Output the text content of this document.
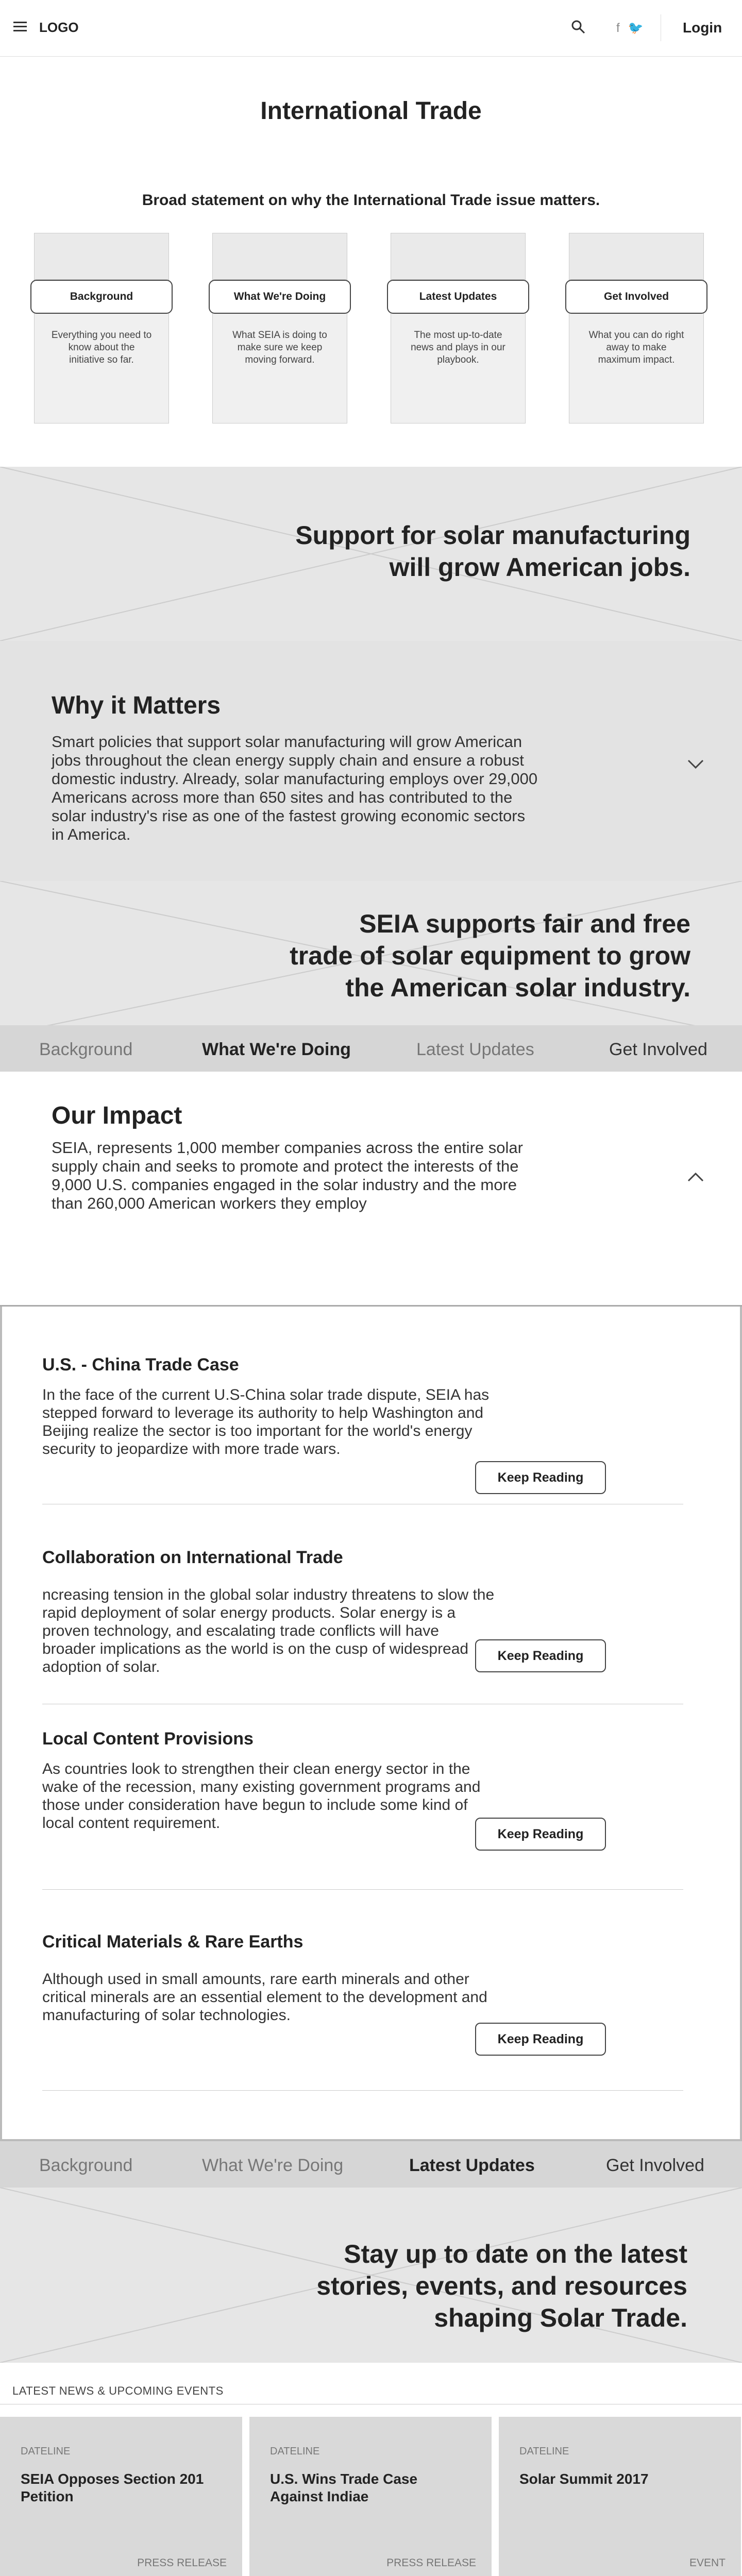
LOGO	f 🐦	Login
International Trade
Broad statement on why the International Trade issue matters.
Background
Everything you need to know about the initiative so far.
What We're Doing
What SEIA is doing to make sure we keep moving forward.
Latest Updates
The most up-to-date news and plays in our playbook.
Get Involved
What you can do right away to make maximum impact.
Support for solar manufacturing
will grow American jobs.
Why it Matters
Smart policies that support solar manufacturing will grow American jobs throughout the clean energy supply chain and ensure a robust domestic industry. Already, solar manufacturing employs over 29,000 Americans across more than 650 sites and has contributed to the solar industry's rise as one of the fastest growing economic sectors in America.
SEIA supports fair and free
trade of solar equipment to grow
the American solar industry.
Background	What We're Doing	Latest Updates	Get Involved
Our Impact
SEIA, represents 1,000 member companies across the entire solar supply chain and seeks to promote and protect the interests of the 9,000 U.S. companies engaged in the solar industry and the more than 260,000 American workers they employ
U.S. - China Trade Case
In the face of the current U.S-China solar trade dispute, SEIA has stepped forward to leverage its authority to help Washington and Beijing realize the sector is too important for the world's energy security to jeopardize with more trade wars.
Keep Reading
Collaboration on International Trade
ncreasing tension in the global solar industry threatens to slow the rapid deployment of solar energy products. Solar energy is a proven technology, and escalating trade conflicts will have broader implications as the world is on the cusp of widespread adoption of solar.
Keep Reading
Local Content Provisions
As countries look to strengthen their clean energy sector in the wake of the recession, many existing government programs and those under consideration have begun to include some kind of local content requirement.
Keep Reading
Critical Materials & Rare Earths
Although used in small amounts, rare earth minerals and other critical minerals are an essential element to the development and manufacturing of solar technologies.
Keep Reading
Background	What We're Doing	Latest Updates	Get Involved
Stay up to date on the latest
stories, events, and resources
shaping Solar Trade.
LATEST NEWS & UPCOMING EVENTS
DATELINE
SEIA Opposes Section 201 Petition
PRESS RELEASE
DATELINE
U.S. Wins Trade Case Against Indiae
PRESS RELEASE
DATELINE
Solar Summit 2017
EVENT
